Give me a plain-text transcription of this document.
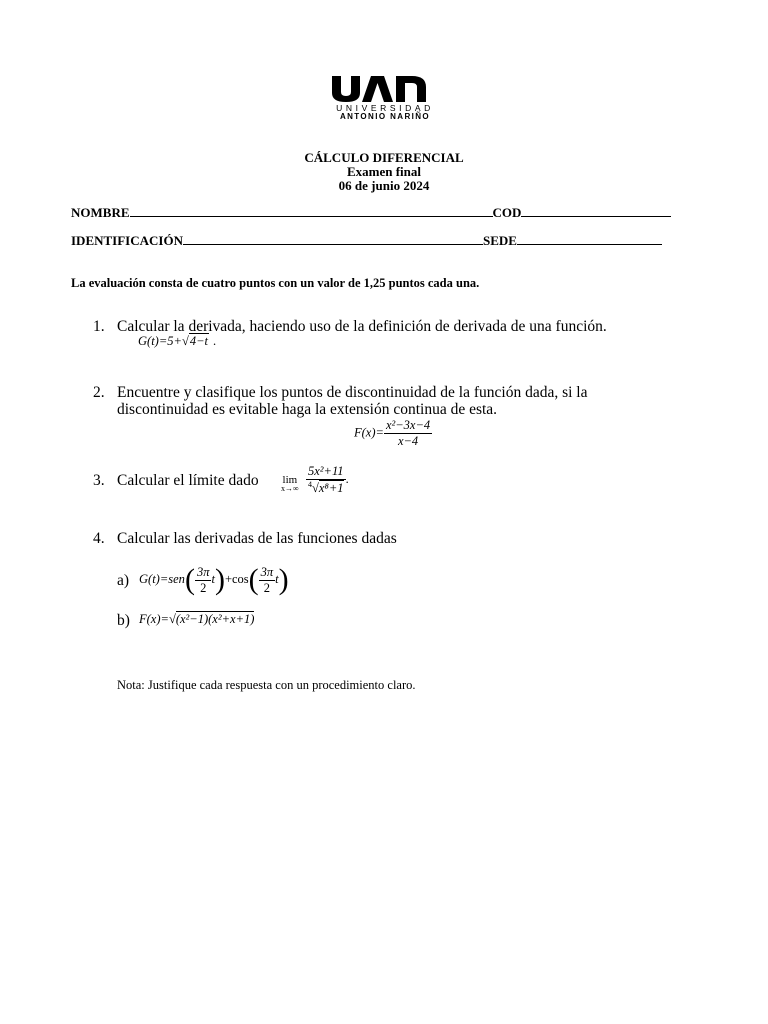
UNIVERSIDAD
ANTONIO NARIÑO
CÁLCULO DIFERENCIAL
Examen final
06 de junio 2024
NOMBRE	COD
IDENTIFICACIÓN	SEDE
La evaluación consta de cuatro puntos con un valor de 1,25 puntos cada una.
1. Calcular la derivada, haciendo uso de la definición de derivada de una función.
G(t)=5+√4−t .
2. Encuentre y clasifique los puntos de discontinuidad de la función dada, si la
discontinuidad es evitable haga la extensión continua de esta.
$F(x)= \frac{\text{x²−3x−4}}{x-4}$
3. Calcular el límite dado lim
$x\to\infty \frac{\text{5x²+11}}{^4√x^8+1}$ .
4. Calcular las derivadas de las funciones dadas
a) $G(t)=sen( \frac{3\pi}{2} t)+\cos( \frac{3\pi}{2} t)$
b) F(x)=√(x²−1)(x²+x+1)
Nota: Justifique cada respuesta con un procedimiento claro.
